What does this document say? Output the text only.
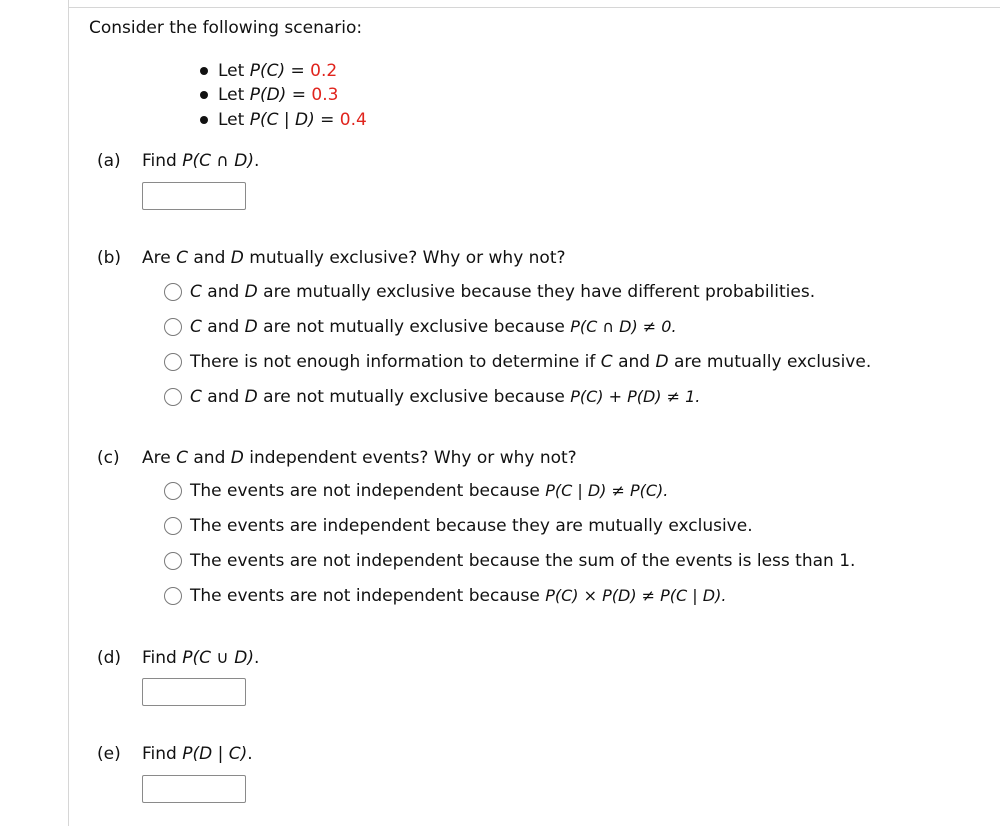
Consider the following scenario:
Let P(C) = 0.2
Let P(D) = 0.3
Let P(C | D) = 0.4
(a) Find P(C ∩ D).
(b) Are C and D mutually exclusive? Why or why not?
C and D are mutually exclusive because they have different probabilities.
C and D are not mutually exclusive because P(C ∩ D) ≠ 0.
There is not enough information to determine if C and D are mutually exclusive.
C and D are not mutually exclusive because P(C) + P(D) ≠ 1.
(c) Are C and D independent events? Why or why not?
The events are not independent because P(C | D) ≠ P(C).
The events are independent because they are mutually exclusive.
The events are not independent because the sum of the events is less than 1.
The events are not independent because P(C) × P(D) ≠ P(C | D).
(d) Find P(C ∪ D).
(e) Find P(D | C).
